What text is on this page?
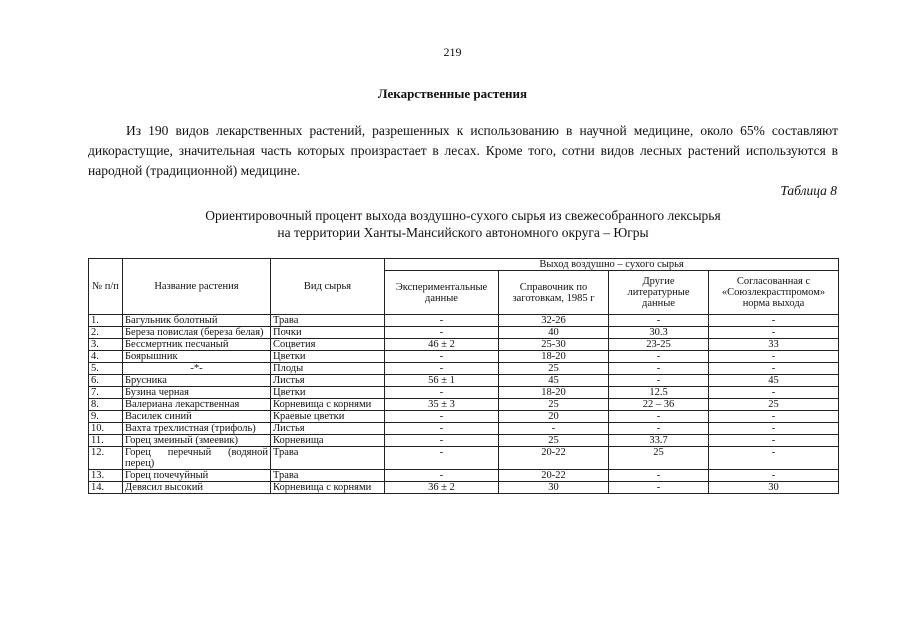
219
Лекарственные растения

Из 190 видов лекарственных растений, разрешенных к использованию в научной медицине, около 65% составляют дикорастущие, значительная часть которых произрастает в лесах. Кроме того, сотни видов лесных растений используются в народной (традиционной) медицине.

Таблица 8
Ориентировочный процент выхода воздушно-сухого сырья из свежесобранного лексырья
на территории Ханты-Мансийского автономного округа – Югры
№ п/п	Название растения	Вид сырья	Выход воздушно – сухого сырья			
			Экспериментальные данные	Справочник по заготовкам, 1985 г	Другие литературные данные	Согласованная с «Союзлекрастпромом» норма выхода
1.	Багульник болотный	Трава	-	32-26	-	-
2.	Береза повислая (береза белая)	Почки	-	40	30.3	-
3.	Бессмертник песчаный	Соцветия	46 ± 2	25-30	23-25	33
4.	Боярышник	Цветки	-	18-20	-	-
5.	-*-	Плоды	-	25	-	-
6.	Брусника	Листья	56 ± 1	45	-	45
7.	Бузина черная	Цветки	-	18-20	12.5	-
8.	Валериана лекарственная	Корневища с корнями	35 ± 3	25	22 – 36	25
9.	Василек синий	Краевые цветки	-	20	-	-
10.	Вахта трехлистная (трифоль)	Листья	-	-	-	-
11.	Горец змеиный (змеевик)	Корневища	-	25	33.7	-
12.	Горец перечный (водяной перец)	Трава	-	20-22	25	-
13.	Горец почечуйный	Трава	-	20-22	-	-
14.	Девясил высокий	Корневища с корнями	36 ± 2	30	-	30
